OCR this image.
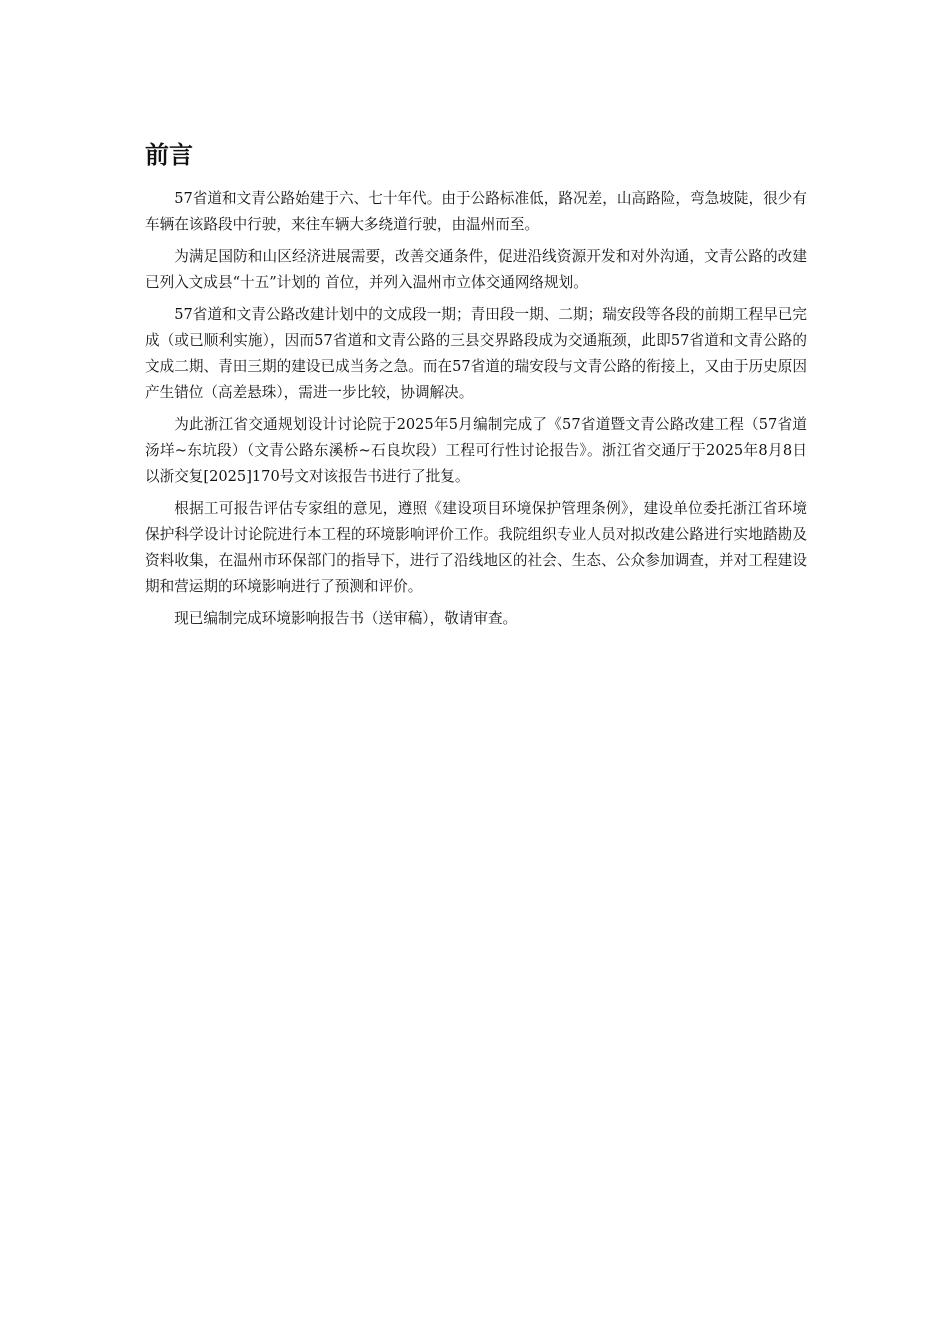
前言

57省道和文青公路始建于六、七十年代。由于公路标准低，路况差，山高路险，弯急坡陡，很少有车辆在该路段中行驶，来往车辆大多绕道行驶，由温州而至。

为满足国防和山区经济进展需要，改善交通条件，促进沿线资源开发和对外沟通，文青公路的改建已列入文成县“十五”计划的 首位，并列入温州市立体交通网络规划。

57省道和文青公路改建计划中的文成段一期；青田段一期、二期；瑞安段等各段的前期工程早已完成（或已顺利实施），因而57省道和文青公路的三县交界路段成为交通瓶颈，此即57省道和文青公路的文成二期、青田三期的建设已成当务之急。而在57省道的瑞安段与文青公路的衔接上，又由于历史原因产生错位（高差悬珠），需进一步比较，协调解决。

为此浙江省交通规划设计讨论院于2025年5月编制完成了《57省道暨文青公路改建工程（57省道汤垟~东坑段）（文青公路东溪桥~石良坎段）工程可行性讨论报告》。浙江省交通厅于2025年8月8日以浙交复[2025]170号文对该报告书进行了批复。

根据工可报告评估专家组的意见，遵照《建设项目环境保护管理条例》，建设单位委托浙江省环境保护科学设计讨论院进行本工程的环境影响评价工作。我院组织专业人员对拟改建公路进行实地踏勘及资料收集，在温州市环保部门的指导下，进行了沿线地区的社会、生态、公众参加调查，并对工程建设期和营运期的环境影响进行了预测和评价。

现已编制完成环境影响报告书（送审稿），敬请审查。
